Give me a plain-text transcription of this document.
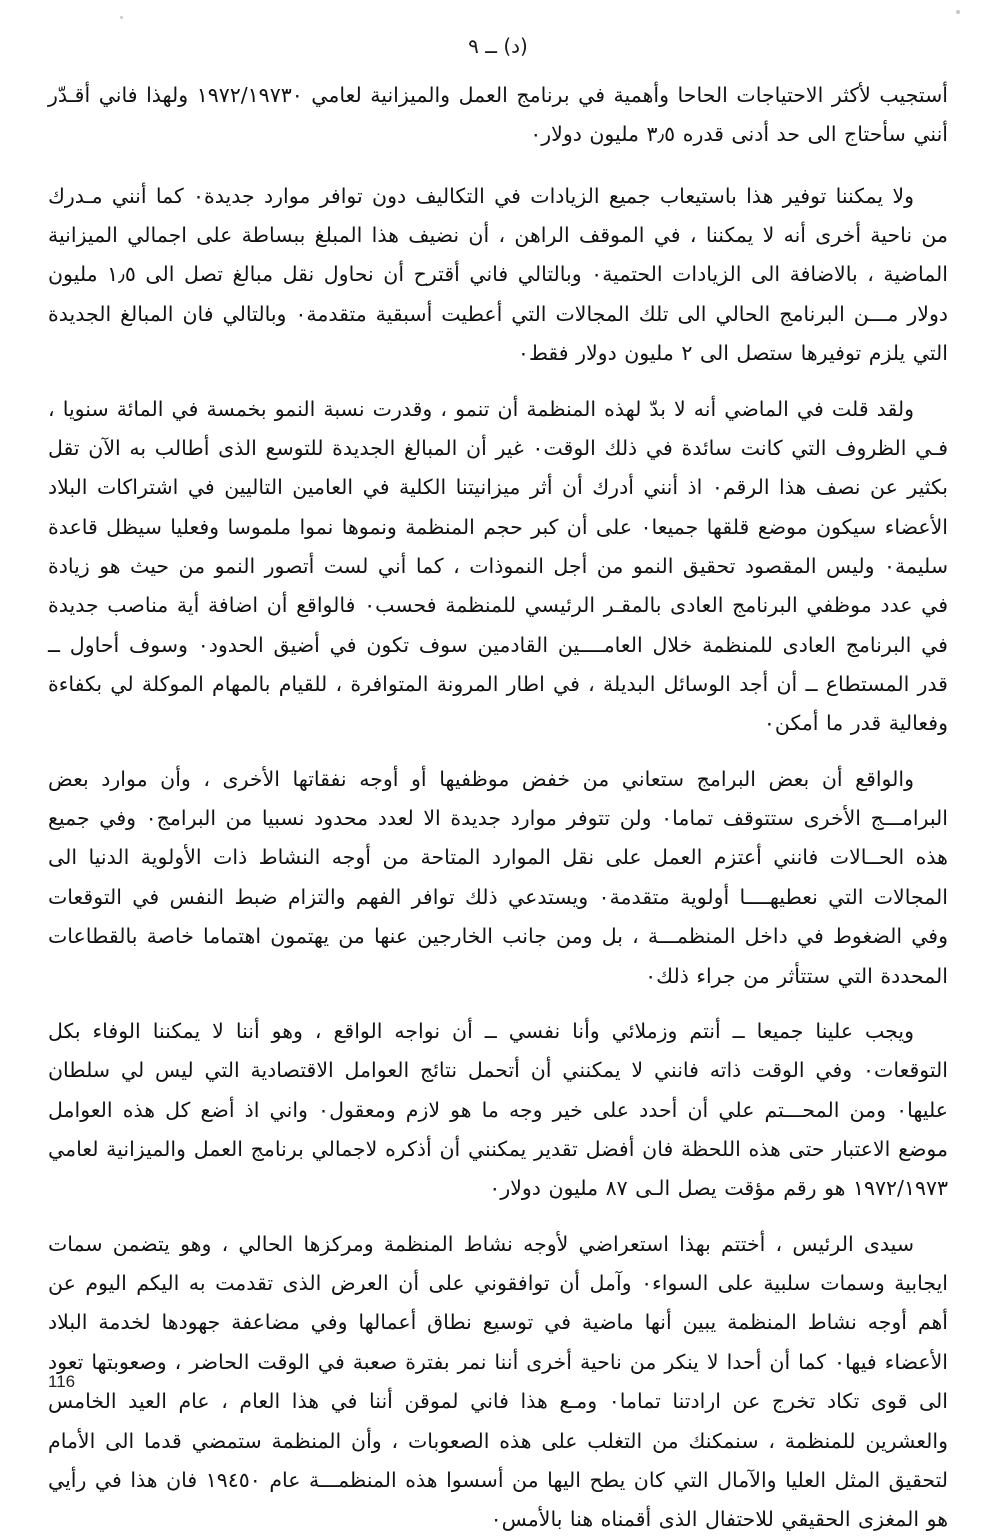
(د) ــ ٩

أستجيب لأكثر الاحتياجات الحاحا وأهمية في برنامج العمل والميزانية لعامي ١٩٧٢/١٩٧٣٠ ولهذا فاني أقـدّر أنني سأحتاج الى حد أدنى قدره ٣٫٥ مليون دولار٠

ولا يمكننا توفير هذا باستيعاب جميع الزيادات في التكاليف دون توافر موارد جديدة٠ كما أنني مـدرك من ناحية أخرى أنه لا يمكننا ، في الموقف الراهن ، أن نضيف هذا المبلغ ببساطة على اجمالي الميزانية الماضية ، بالاضافة الى الزيادات الحتمية٠ وبالتالي فاني أقترح أن نحاول نقل مبالغ تصل الى ١٫٥ مليون دولار مـــن البرنامج الحالي الى تلك المجالات التي أعطيت أسبقية متقدمة٠ وبالتالي فان المبالغ الجديدة التي يلزم توفيرها ستصل الى ٢ مليون دولار فقط٠

ولقد قلت في الماضي أنه لا بدّ لهذه المنظمة أن تنمو ، وقدرت نسبة النمو بخمسة في المائة سنويا ، فـي الظروف التي كانت سائدة في ذلك الوقت٠ غير أن المبالغ الجديدة للتوسع الذى أطالب به الآن تقل بكثير عن نصف هذا الرقم٠ اذ أنني أدرك أن أثر ميزانيتنا الكلية في العامين التاليين في اشتراكات البلاد الأعضاء سيكون موضع قلقها جميعا٠ على أن كبر حجم المنظمة ونموها نموا ملموسا وفعليا سيظل قاعدة سليمة٠ وليس المقصود تحقيق النمو من أجل النموذات ، كما أني لست أتصور النمو من حيث هو زيادة في عدد موظفي البرنامج العادى بالمقـر الرئيسي للمنظمة فحسب٠ فالواقع أن اضافة أية مناصب جديدة في البرنامج العادى للمنظمة خلال العامــــين القادمين سوف تكون في أضيق الحدود٠ وسوف أحاول ــ قدر المستطاع ــ أن أجد الوسائل البديلة ، في اطار المرونة المتوافرة ، للقيام بالمهام الموكلة لي بكفاءة وفعالية قدر ما أمكن٠

والواقع أن بعض البرامج ستعاني من خفض موظفيها أو أوجه نفقاتها الأخرى ، وأن موارد بعض البرامـــج الأخرى ستتوقف تماما٠ ولن تتوفر موارد جديدة الا لعدد محدود نسبيا من البرامج٠ وفي جميع هذه الحــالات فانني أعتزم العمل على نقل الموارد المتاحة من أوجه النشاط ذات الأولوية الدنيا الى المجالات التي نعطيهــــا أولوية متقدمة٠ ويستدعي ذلك توافر الفهم والتزام ضبط النفس في التوقعات وفي الضغوط في داخل المنظمـــة ، بل ومن جانب الخارجين عنها من يهتمون اهتماما خاصة بالقطاعات المحددة التي ستتأثر من جراء ذلك٠

ويجب علينا جميعا ــ أنتم وزملائي وأنا نفسي ــ أن نواجه الواقع ، وهو أننا لا يمكننا الوفاء بكل التوقعات٠ وفي الوقت ذاته فانني لا يمكنني أن أتحمل نتائج العوامل الاقتصادية التي ليس لي سلطان عليها٠ ومن المحـــتم علي أن أحدد على خير وجه ما هو لازم ومعقول٠ واني اذ أضع كل هذه العوامل موضع الاعتبار حتى هذه اللحظة فان أفضل تقدير يمكنني أن أذكره لاجمالي برنامج العمل والميزانية لعامي ١٩٧٢/١٩٧٣ هو رقم مؤقت يصل الـى ٨٧ مليون دولار٠

سيدى الرئيس ، أختتم بهذا استعراضي لأوجه نشاط المنظمة ومركزها الحالي ، وهو يتضمن سمات ايجابية وسمات سلبية على السواء٠ وآمل أن توافقوني على أن العرض الذى تقدمت به اليكم اليوم عن أهم أوجه نشاط المنظمة يبين أنها ماضية في توسيع نطاق أعمالها وفي مضاعفة جهودها لخدمة البلاد الأعضاء فيها٠ كما أن أحدا لا ينكر من ناحية أخرى أننا نمر بفترة صعبة في الوقت الحاضر ، وصعوبتها تعود الى قوى تكاد تخرج عن ارادتنا تماما٠ ومـع هذا فاني لموقن أننا في هذا العام ، عام العيد الخامس والعشرين للمنظمة ، سنمكنك من التغلب على هذه الصعوبات ، وأن المنظمة ستمضي قدما الى الأمام لتحقيق المثل العليا والآمال التي كان يطح اليها من أسسوا هذه المنظمـــة عام ١٩٤٥٠ فان هذا في رأيي هو المغزى الحقيقي للاحتفال الذى أقمناه هنا بالأمس٠

116
